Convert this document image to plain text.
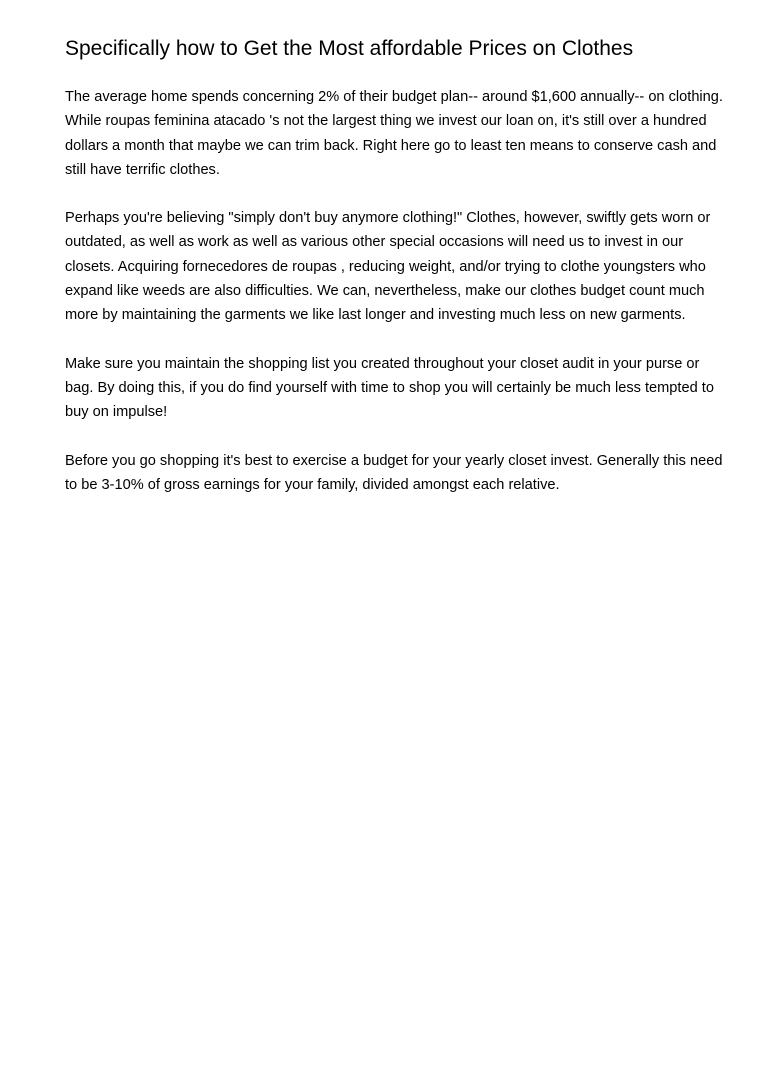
Specifically how to Get the Most affordable Prices on Clothes

The average home spends concerning 2% of their budget plan-- around $1,600 annually-- on clothing. While roupas feminina atacado 's not the largest thing we invest our loan on, it's still over a hundred dollars a month that maybe we can trim back. Right here go to least ten means to conserve cash and still have terrific clothes.

Perhaps you're believing "simply don't buy anymore clothing!" Clothes, however, swiftly gets worn or outdated, as well as work as well as various other special occasions will need us to invest in our closets. Acquiring fornecedores de roupas , reducing weight, and/or trying to clothe youngsters who expand like weeds are also difficulties. We can, nevertheless, make our clothes budget count much more by maintaining the garments we like last longer and investing much less on new garments.

Make sure you maintain the shopping list you created throughout your closet audit in your purse or bag. By doing this, if you do find yourself with time to shop you will certainly be much less tempted to buy on impulse!

Before you go shopping it's best to exercise a budget for your yearly closet invest. Generally this need to be 3-10% of gross earnings for your family, divided amongst each relative.
